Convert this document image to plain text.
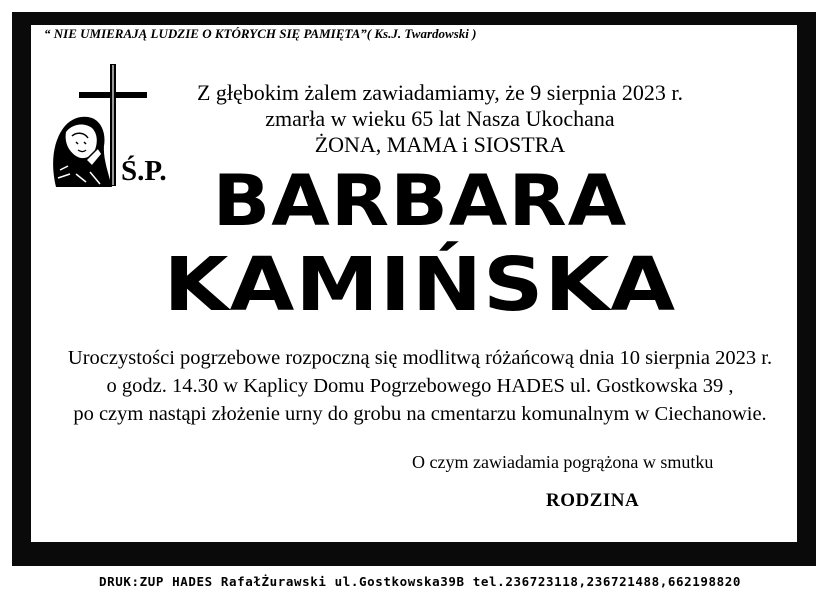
“ NIE UMIERAJĄ LUDZIE O KTÓRYCH SIĘ PAMIĘTA”( Ks.J. Twardowski )
Ś.P.
Z głębokim żalem zawiadamiamy, że 9 sierpnia 2023 r.
zmarła w wieku 65 lat Nasza Ukochana
ŻONA, MAMA i SIOSTRA
BARBARA
KAMIŃSKA
Uroczystości pogrzebowe rozpoczną się modlitwą różańcową dnia 10 sierpnia 2023 r.
o godz. 14.30 w Kaplicy Domu Pogrzebowego HADES ul. Gostkowska 39 ,
po czym nastąpi złożenie urny do grobu na cmentarzu komunalnym w Ciechanowie.
O czym zawiadamia pogrążona w smutku
RODZINA
DRUK:ZUP HADES RafałŻurawski ul.Gostkowska39B tel.236723118,236721488,662198820
